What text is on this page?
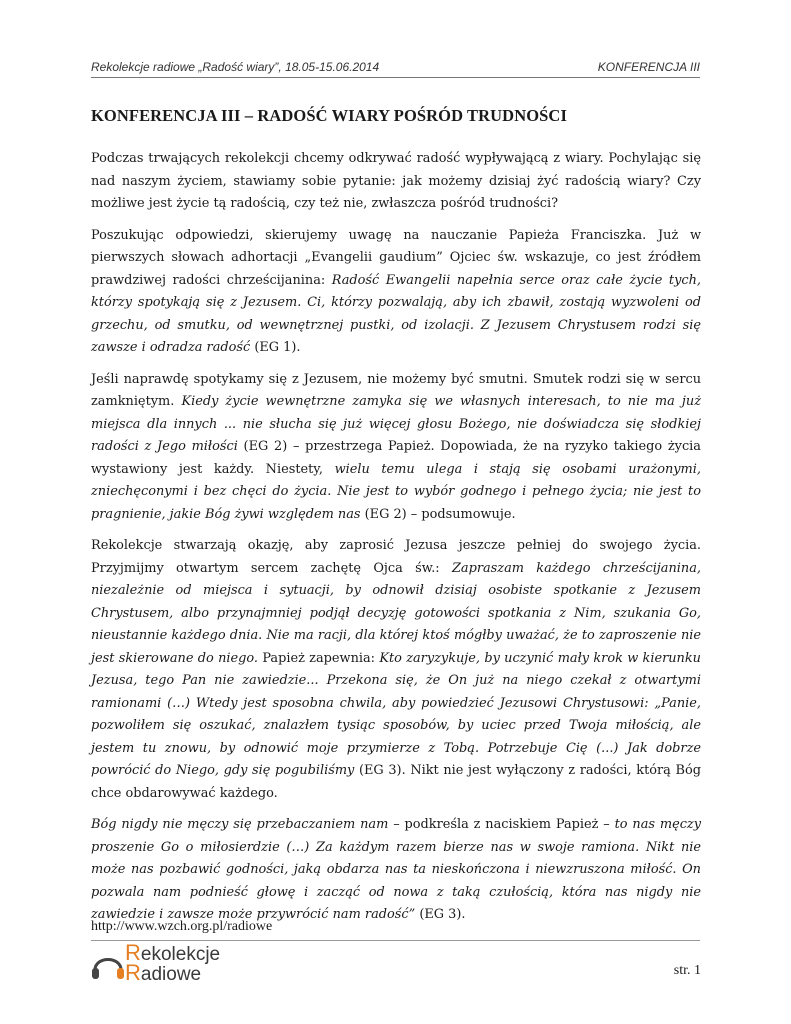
Rekolekcje radiowe „Radość wiary”, 18.05-15.06.2014	KONFERENCJA III
KONFERENCJA III – RADOŚĆ WIARY POŚRÓD TRUDNOŚCI

Podczas trwających rekolekcji chcemy odkrywać radość wypływającą z wiary. Pochylając się nad naszym życiem, stawiamy sobie pytanie: jak możemy dzisiaj żyć radością wiary? Czy możliwe jest życie tą radością, czy też nie, zwłaszcza pośród trudności?

Poszukując odpowiedzi, skierujemy uwagę na nauczanie Papieża Franciszka. Już w pierwszych słowach adhortacji „Evangelii gaudium” Ojciec św. wskazuje, co jest źródłem prawdziwej radości chrześcijanina: Radość Ewangelii napełnia serce oraz całe życie tych, którzy spotykają się z Jezusem. Ci, którzy pozwalają, aby ich zbawił, zostają wyzwoleni od grzechu, od smutku, od wewnętrznej pustki, od izolacji. Z Jezusem Chrystusem rodzi się zawsze i odradza radość (EG 1).

Jeśli naprawdę spotykamy się z Jezusem, nie możemy być smutni. Smutek rodzi się w sercu zamkniętym. Kiedy życie wewnętrzne zamyka się we własnych interesach, to nie ma już miejsca dla innych ... nie słucha się już więcej głosu Bożego, nie doświadcza się słodkiej radości z Jego miłości (EG 2) – przestrzega Papież. Dopowiada, że na ryzyko takiego życia wystawiony jest każdy. Niestety, wielu temu ulega i stają się osobami urażonymi, zniechęconymi i bez chęci do życia. Nie jest to wybór godnego i pełnego życia; nie jest to pragnienie, jakie Bóg żywi względem nas (EG 2) – podsumowuje.

Rekolekcje stwarzają okazję, aby zaprosić Jezusa jeszcze pełniej do swojego życia. Przyjmijmy otwartym sercem zachętę Ojca św.: Zapraszam każdego chrześcijanina, niezależnie od miejsca i sytuacji, by odnowił dzisiaj osobiste spotkanie z Jezusem Chrystusem, albo przynajmniej podjął decyzję gotowości spotkania z Nim, szukania Go, nieustannie każdego dnia. Nie ma racji, dla której ktoś mógłby uważać, że to zaproszenie nie jest skierowane do niego. Papież zapewnia: Kto zaryzykuje, by uczynić mały krok w kierunku Jezusa, tego Pan nie zawiedzie... Przekona się, że On już na niego czekał z otwartymi ramionami (…) Wtedy jest sposobna chwila, aby powiedzieć Jezusowi Chrystusowi: „Panie, pozwoliłem się oszukać, znalazłem tysiąc sposobów, by uciec przed Twoja miłością, ale jestem tu znowu, by odnowić moje przymierze z Tobą. Potrzebuje Cię (...) Jak dobrze powrócić do Niego, gdy się pogubiliśmy (EG 3). Nikt nie jest wyłączony z radości, którą Bóg chce obdarowywać każdego.

Bóg nigdy nie męczy się przebaczaniem nam – podkreśla z naciskiem Papież – to nas męczy proszenie Go o miłosierdzie (…) Za każdym razem bierze nas w swoje ramiona. Nikt nie może nas pozbawić godności, jaką obdarza nas ta nieskończona i niewzruszona miłość. On pozwala nam podnieść głowę i zacząć od nowa z taką czułością, która nas nigdy nie zawiedzie i zawsze może przywrócić nam radość” (EG 3).

http://www.wzch.org.pl/radiowe
Rekolekcje
Radiowe	str. 1
